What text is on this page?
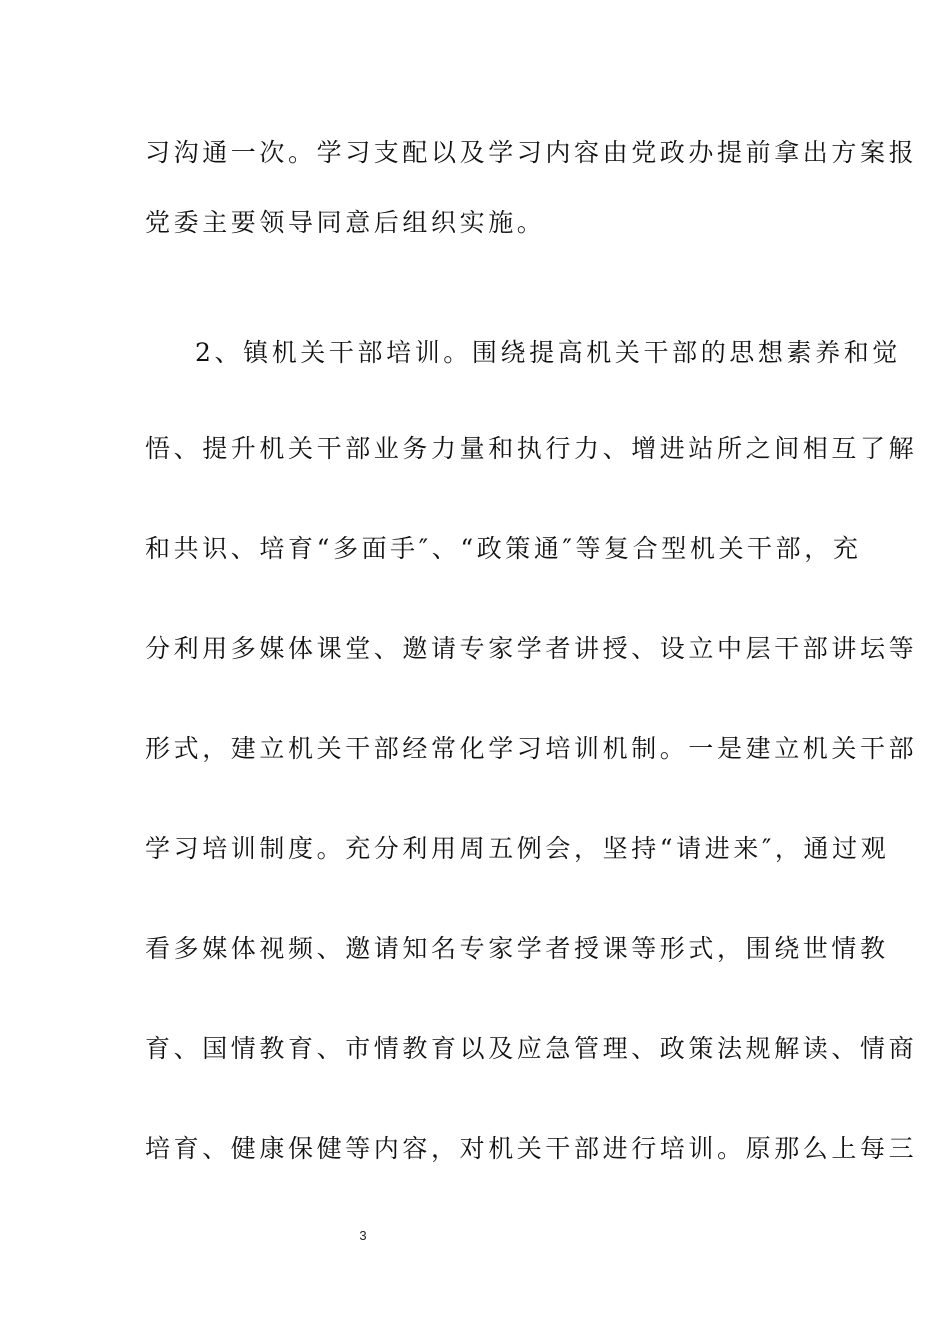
习沟通一次。学习支配以及学习内容由党政办提前拿出方案报
党委主要领导同意后组织实施。
2、镇机关干部培训。围绕提高机关干部的思想素养和觉
悟、提升机关干部业务力量和执行力、增进站所之间相互了解
和共识、培育“多面手″、“政策通″等复合型机关干部，充
分利用多媒体课堂、邀请专家学者讲授、设立中层干部讲坛等
形式，建立机关干部经常化学习培训机制。一是建立机关干部
学习培训制度。充分利用周五例会，坚持“请进来″，通过观
看多媒体视频、邀请知名专家学者授课等形式，围绕世情教
育、国情教育、市情教育以及应急管理、政策法规解读、情商
培育、健康保健等内容，对机关干部进行培训。原那么上每三
3
